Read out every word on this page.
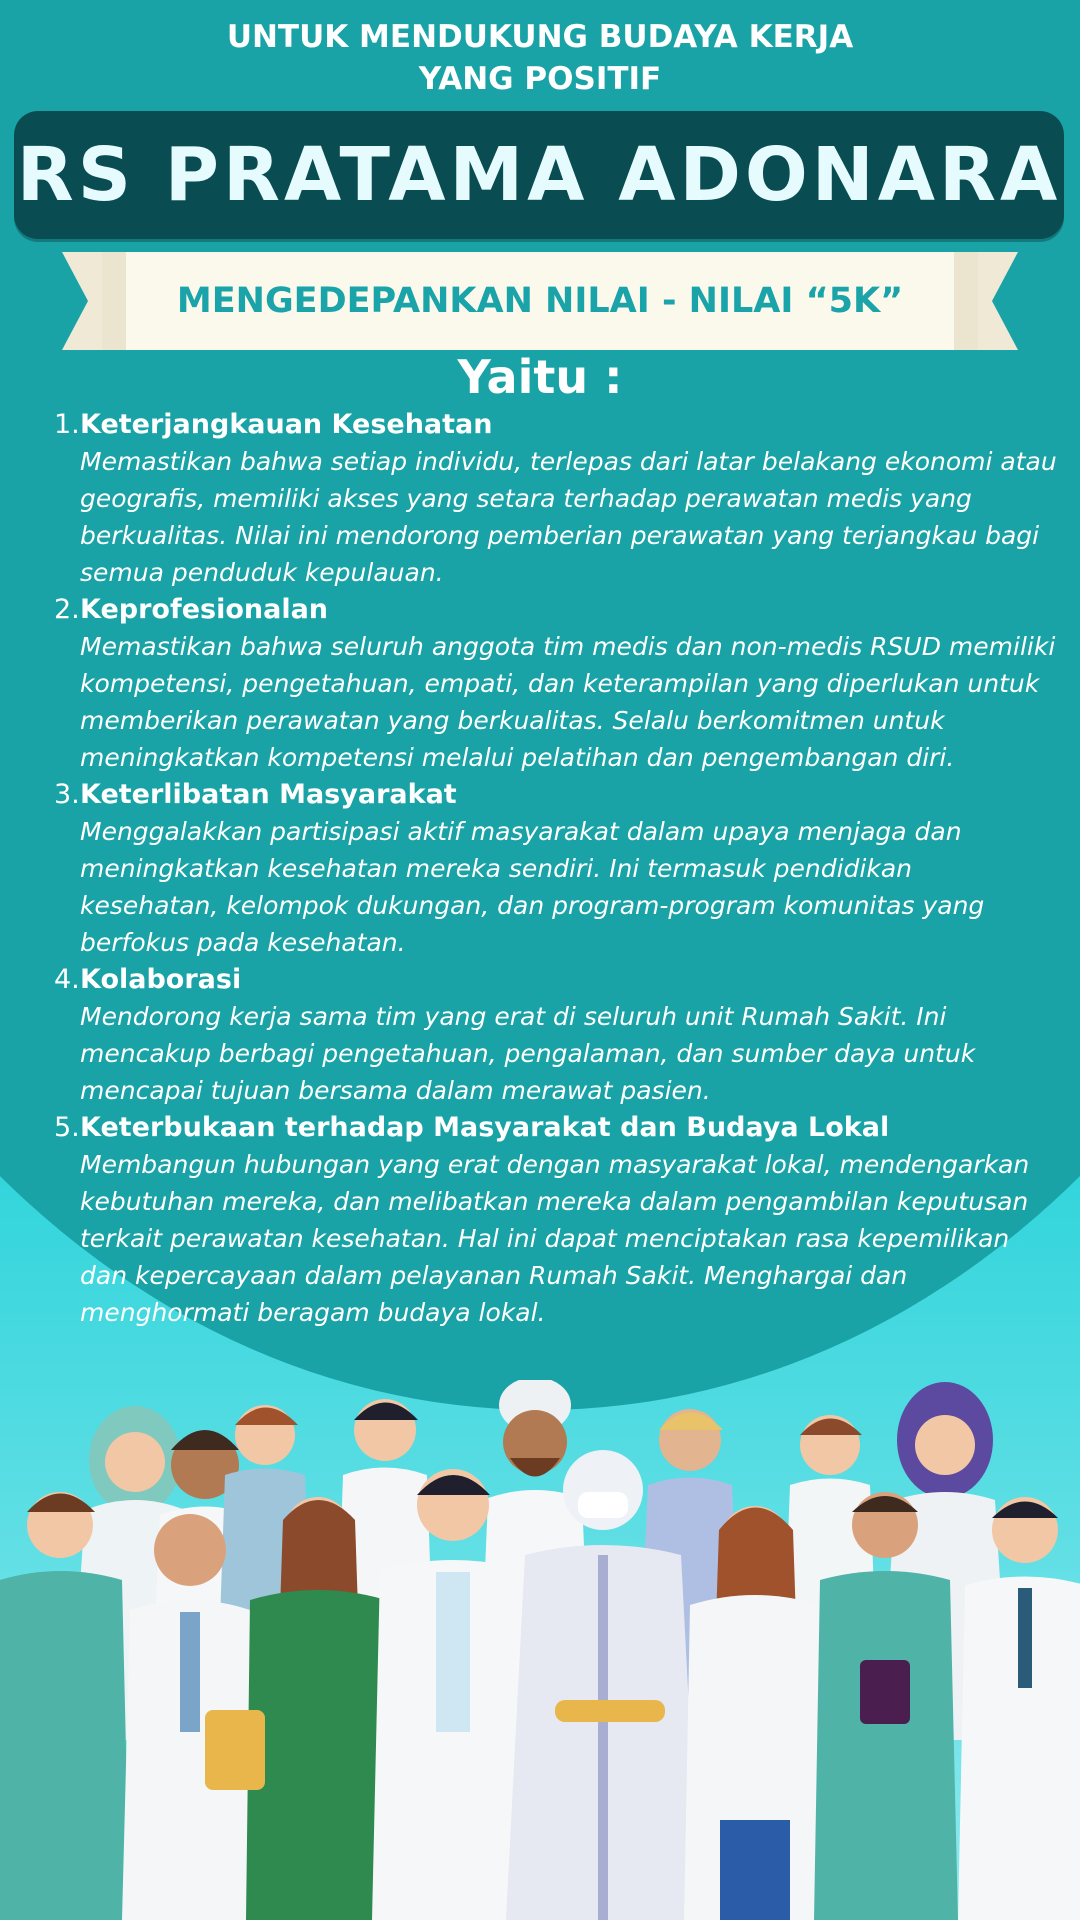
UNTUK MENDUKUNG BUDAYA KERJA
YANG POSITIF
RS PRATAMA ADONARA
MENGEDEPANKAN NILAI - NILAI “5K”
Yaitu :
1. Keterjangkauan Kesehatan
Memastikan bahwa setiap individu, terlepas dari latar belakang ekonomi atau geografis, memiliki akses yang setara terhadap perawatan medis yang berkualitas. Nilai ini mendorong pemberian perawatan yang terjangkau bagi semua penduduk kepulauan.
2. Keprofesionalan
Memastikan bahwa seluruh anggota tim medis dan non-medis RSUD memiliki kompetensi, pengetahuan, empati, dan keterampilan yang diperlukan untuk memberikan perawatan yang berkualitas. Selalu berkomitmen untuk meningkatkan kompetensi melalui pelatihan dan pengembangan diri.
3. Keterlibatan Masyarakat
Menggalakkan partisipasi aktif masyarakat dalam upaya menjaga dan meningkatkan kesehatan mereka sendiri. Ini termasuk pendidikan kesehatan, kelompok dukungan, dan program-program komunitas yang berfokus pada kesehatan.
4. Kolaborasi
Mendorong kerja sama tim yang erat di seluruh unit Rumah Sakit. Ini mencakup berbagi pengetahuan, pengalaman, dan sumber daya untuk mencapai tujuan bersama dalam merawat pasien.
5. Keterbukaan terhadap Masyarakat dan Budaya Lokal
Membangun hubungan yang erat dengan masyarakat lokal, mendengarkan kebutuhan mereka, dan melibatkan mereka dalam pengambilan keputusan terkait perawatan kesehatan. Hal ini dapat menciptakan rasa kepemilikan dan kepercayaan dalam pelayanan Rumah Sakit. Menghargai dan menghormati beragam budaya lokal.
